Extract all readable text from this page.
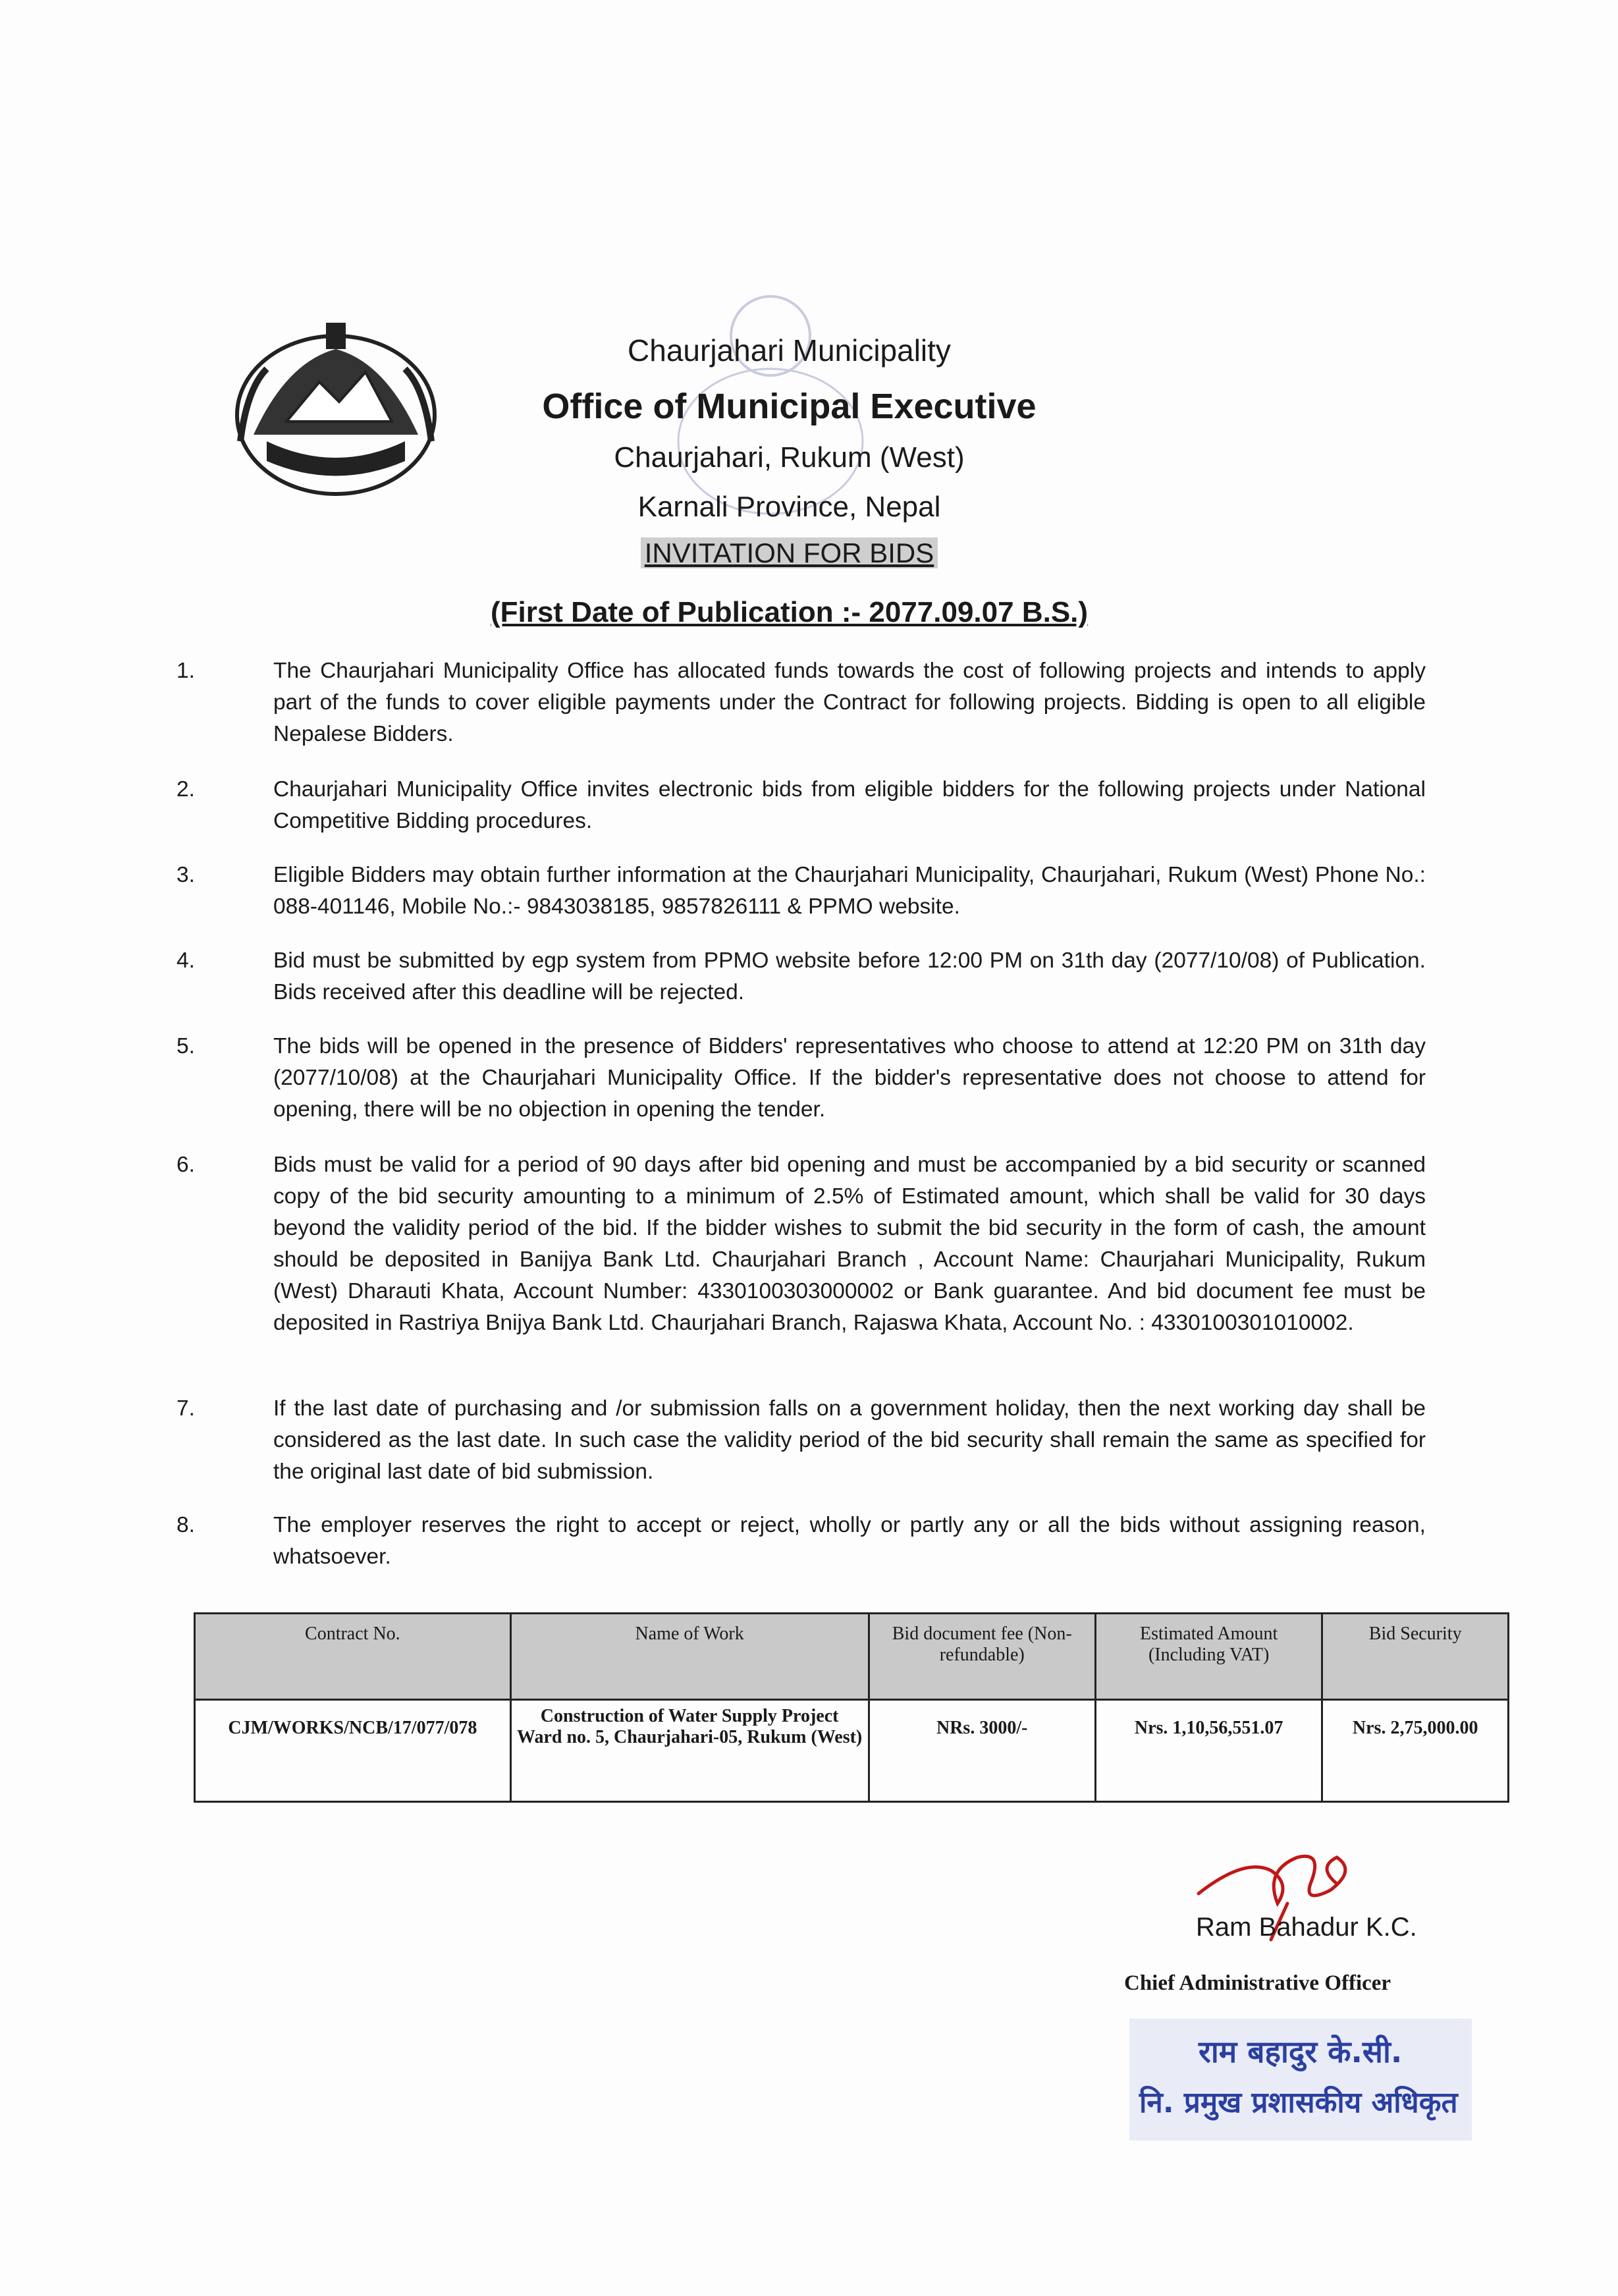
Chaurjahari Municipality
Office of Municipal Executive
Chaurjahari, Rukum (West)
Karnali Province, Nepal
INVITATION FOR BIDS
(First Date of Publication :- 2077.09.07 B.S.)
1.	The Chaurjahari Municipality Office has allocated funds towards the cost of following projects and intends to apply part of the funds to cover eligible payments under the Contract for following projects. Bidding is open to all eligible Nepalese Bidders.
2.	Chaurjahari Municipality Office invites electronic bids from eligible bidders for the following projects under National Competitive Bidding procedures.
3.	Eligible Bidders may obtain further information at the Chaurjahari Municipality, Chaurjahari, Rukum (West) Phone No.: 088-401146, Mobile No.:- 9843038185, 9857826111 & PPMO website.
4.	Bid must be submitted by egp system from PPMO website before 12:00 PM on 31th day (2077/10/08) of Publication. Bids received after this deadline will be rejected.
5.	The bids will be opened in the presence of Bidders' representatives who choose to attend at 12:20 PM on 31th day (2077/10/08) at the Chaurjahari Municipality Office. If the bidder's representative does not choose to attend for opening, there will be no objection in opening the tender.
6.	Bids must be valid for a period of 90 days after bid opening and must be accompanied by a bid security or scanned copy of the bid security amounting to a minimum of 2.5% of Estimated amount, which shall be valid for 30 days beyond the validity period of the bid. If the bidder wishes to submit the bid security in the form of cash, the amount should be deposited in Banijya Bank Ltd. Chaurjahari Branch , Account Name: Chaurjahari Municipality, Rukum (West) Dharauti Khata, Account Number: 4330100303000002 or Bank guarantee. And bid document fee must be deposited in Rastriya Bnijya Bank Ltd. Chaurjahari Branch, Rajaswa Khata, Account No. : 4330100301010002.
7.	If the last date of purchasing and /or submission falls on a government holiday, then the next working day shall be considered as the last date. In such case the validity period of the bid security shall remain the same as specified for the original last date of bid submission.
8.	The employer reserves the right to accept or reject, wholly or partly any or all the bids without assigning reason, whatsoever.
Contract No.	Name of Work	Bid document fee (Non- refundable)	Estimated Amount (Including VAT)	Bid Security
CJM/WORKS/NCB/17/077/078	Construction of Water Supply Project Ward no. 5, Chaurjahari-05, Rukum (West)	NRs. 3000/-	Nrs. 1,10,56,551.07	Nrs. 2,75,000.00
Ram Bahadur K.C.
Chief Administrative Officer
राम बहादुर के.सी.
नि. प्रमुख प्रशासकीय अधिकृत
